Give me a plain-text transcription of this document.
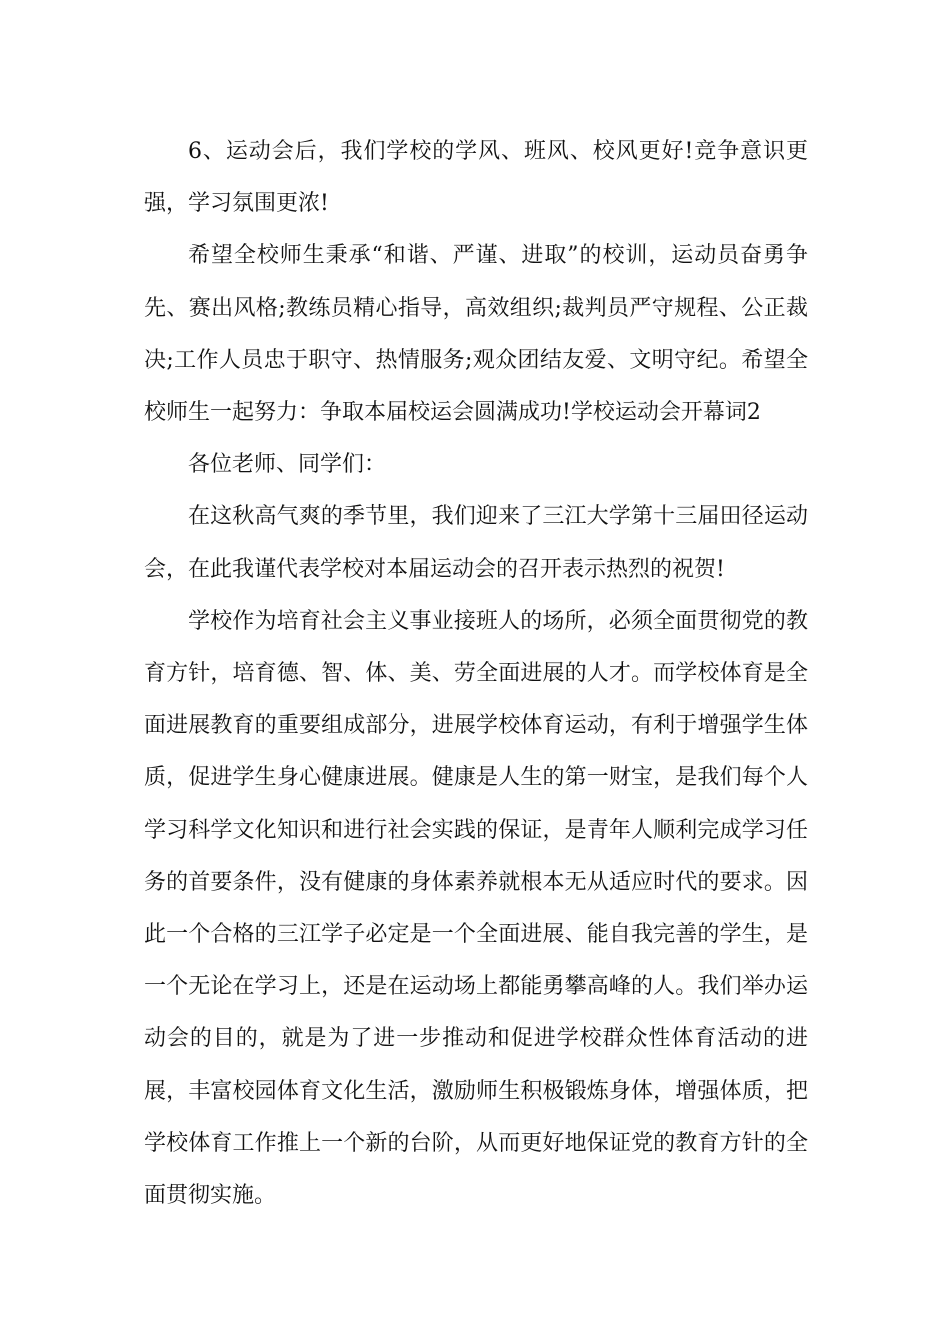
6、运动会后，我们学校的学风、班风、校风更好!竞争意识更强，学习氛围更浓!

希望全校师生秉承“和谐、严谨、进取”的校训，运动员奋勇争先、赛出风格;教练员精心指导，高效组织;裁判员严守规程、公正裁决;工作人员忠于职守、热情服务;观众团结友爱、文明守纪。希望全校师生一起努力：争取本届校运会圆满成功!学校运动会开幕词2

各位老师、同学们：

在这秋高气爽的季节里，我们迎来了三江大学第十三届田径运动会，在此我谨代表学校对本届运动会的召开表示热烈的祝贺!

学校作为培育社会主义事业接班人的场所，必须全面贯彻党的教育方针，培育德、智、体、美、劳全面进展的人才。而学校体育是全面进展教育的重要组成部分，进展学校体育运动，有利于增强学生体质，促进学生身心健康进展。健康是人生的第一财宝，是我们每个人学习科学文化知识和进行社会实践的保证，是青年人顺利完成学习任务的首要条件，没有健康的身体素养就根本无从适应时代的要求。因此一个合格的三江学子必定是一个全面进展、能自我完善的学生，是一个无论在学习上，还是在运动场上都能勇攀高峰的人。我们举办运动会的目的，就是为了进一步推动和促进学校群众性体育活动的进展，丰富校园体育文化生活，激励师生积极锻炼身体，增强体质，把学校体育工作推上一个新的台阶，从而更好地保证党的教育方针的全面贯彻实施。
